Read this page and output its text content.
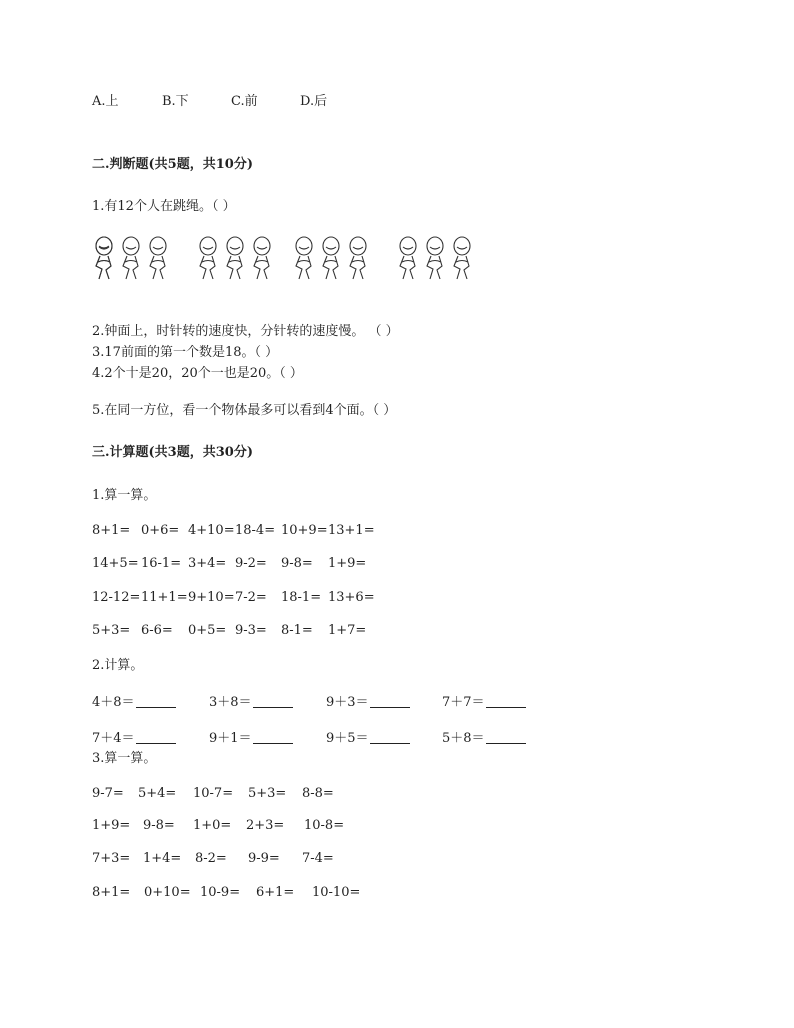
A.上	B.下	C.前	D.后
二.判断题(共5题，共10分)
1.有12个人在跳绳。（ ）
2.钟面上，时针转的速度快，分针转的速度慢。 （ ）
3.17前面的第一个数是18。（ ）
4.2个十是20，20个一也是20。（ ）
5.在同一方位，看一个物体最多可以看到4个面。（ ）
三.计算题(共3题，共30分)
1.算一算。
8+1= 0+6= 4+10= 18-4= 10+9= 13+1=
14+5= 16-1= 3+4= 9-2= 9-8= 1+9=
12-12= 11+1= 9+10= 7-2= 18-1= 13+6=
5+3= 6-6= 0+5= 9-3= 8-1= 1+7=
2.计算。
4＋8＝	3＋8＝	9＋3＝	7＋7＝
7＋4＝	9＋1＝	9＋5＝	5＋8＝
3.算一算。
9-7= 5+4= 10-7= 5+3= 8-8=
1+9= 9-8= 1+0= 2+3= 10-8=
7+3= 1+4= 8-2= 9-9= 7-4=
8+1= 0+10= 10-9= 6+1= 10-10=
